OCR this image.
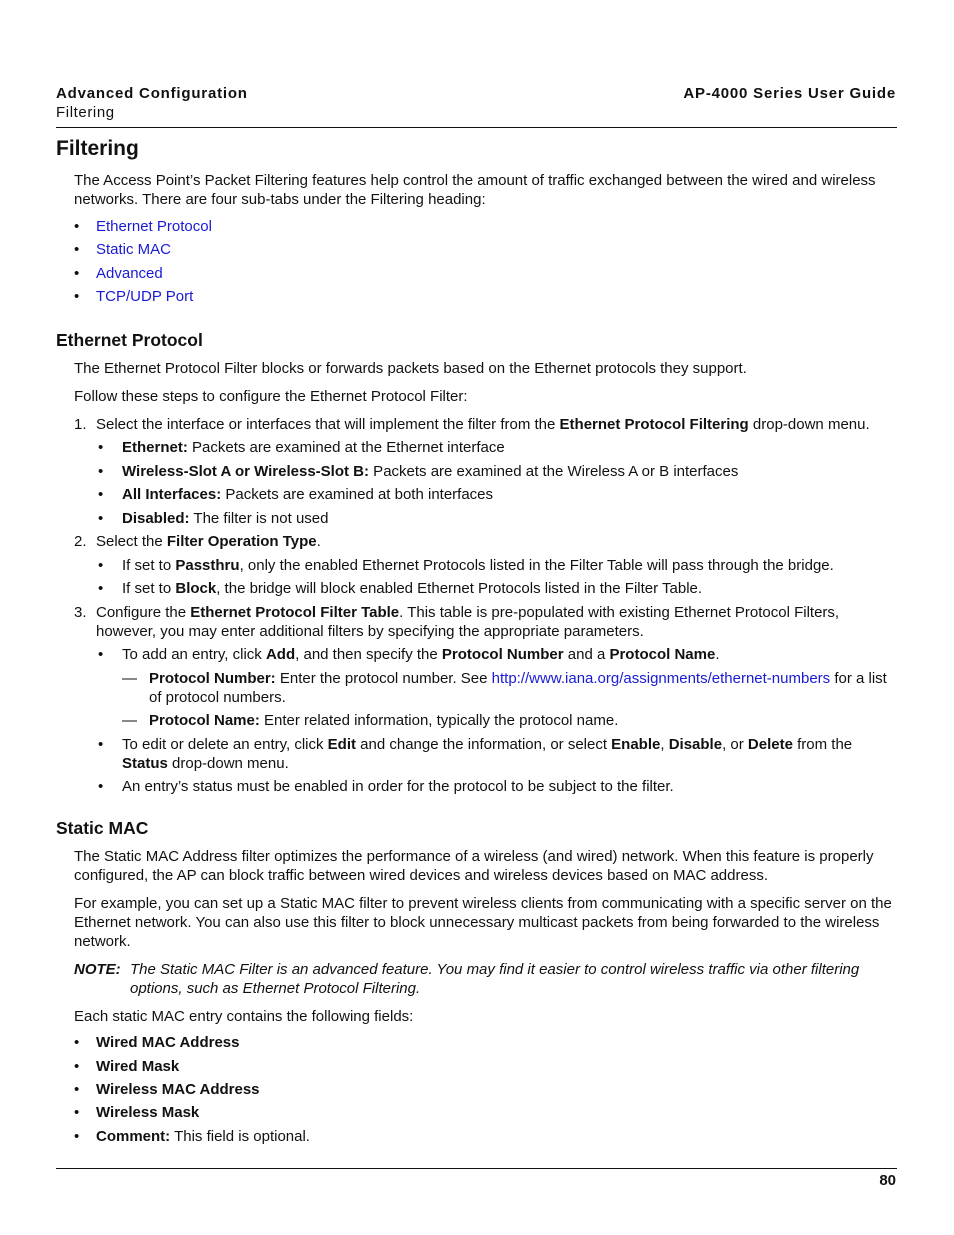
Advanced Configuration
Filtering
AP-4000 Series User Guide
Filtering

The Access Point’s Packet Filtering features help control the amount of traffic exchanged between the wired and wireless networks. There are four sub-tabs under the Filtering heading:

• Ethernet Protocol
• Static MAC
• Advanced
• TCP/UDP Port
Ethernet Protocol

The Ethernet Protocol Filter blocks or forwards packets based on the Ethernet protocols they support.

Follow these steps to configure the Ethernet Protocol Filter:

1. Select the interface or interfaces that will implement the filter from the Ethernet Protocol Filtering drop-down menu.
• Ethernet: Packets are examined at the Ethernet interface
• Wireless-Slot A or Wireless-Slot B: Packets are examined at the Wireless A or B interfaces
• All Interfaces: Packets are examined at both interfaces
• Disabled: The filter is not used
2. Select the Filter Operation Type.
• If set to Passthru, only the enabled Ethernet Protocols listed in the Filter Table will pass through the bridge.
• If set to Block, the bridge will block enabled Ethernet Protocols listed in the Filter Table.
3. Configure the Ethernet Protocol Filter Table. This table is pre-populated with existing Ethernet Protocol Filters, however, you may enter additional filters by specifying the appropriate parameters.
• To add an entry, click Add, and then specify the Protocol Number and a Protocol Name.
— Protocol Number: Enter the protocol number. See http://www.iana.org/assignments/ethernet-numbers for a list of protocol numbers.
— Protocol Name: Enter related information, typically the protocol name.
• To edit or delete an entry, click Edit and change the information, or select Enable, Disable, or Delete from the Status drop-down menu.
• An entry’s status must be enabled in order for the protocol to be subject to the filter.
Static MAC

The Static MAC Address filter optimizes the performance of a wireless (and wired) network. When this feature is properly configured, the AP can block traffic between wired devices and wireless devices based on MAC address.

For example, you can set up a Static MAC filter to prevent wireless clients from communicating with a specific server on the Ethernet network. You can also use this filter to block unnecessary multicast packets from being forwarded to the wireless network.

NOTE: The Static MAC Filter is an advanced feature. You may find it easier to control wireless traffic via other filtering options, such as Ethernet Protocol Filtering.

Each static MAC entry contains the following fields:

• Wired MAC Address
• Wired Mask
• Wireless MAC Address
• Wireless Mask
• Comment: This field is optional.
80
